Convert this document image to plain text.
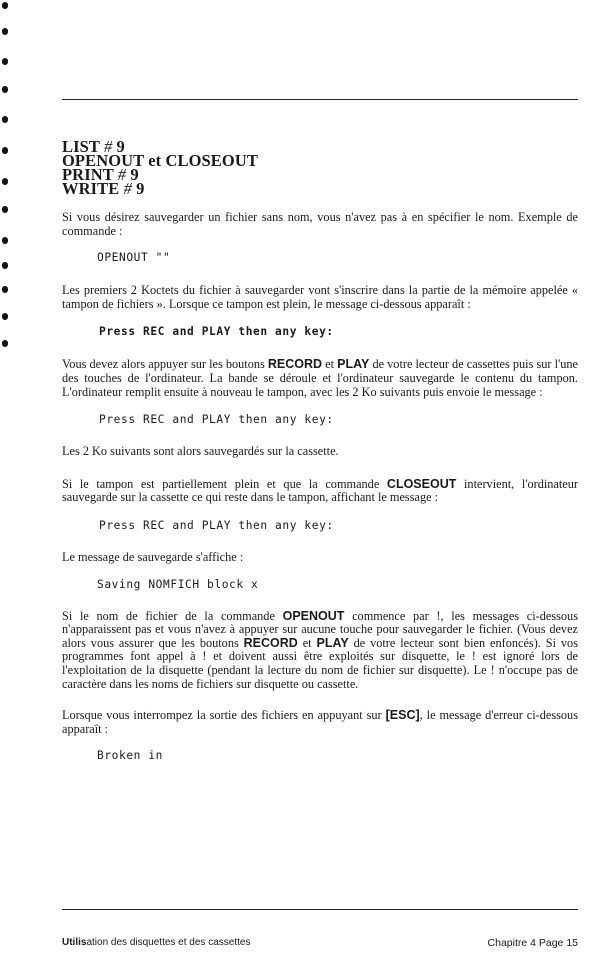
LIST # 9
OPENOUT et CLOSEOUT
PRINT # 9
WRITE # 9

Si vous désirez sauvegarder un fichier sans nom, vous n'avez pas à en spécifier le nom. Exemple de commande :

OPENOUT ""

Les premiers 2 Koctets du fichier à sauvegarder vont s'inscrire dans la partie de la mémoire appelée « tampon de fichiers ». Lorsque ce tampon est plein, le message ci-dessous apparaît :

Press REC and PLAY then any key:

Vous devez alors appuyer sur les boutons RECORD et PLAY de votre lecteur de cassettes puis sur l'une des touches de l'ordinateur. La bande se déroule et l'ordinateur sauvegarde le contenu du tampon. L'ordinateur remplit ensuite à nouveau le tampon, avec les 2 Ko suivants puis envoie le message :

Press REC and PLAY then any key:

Les 2 Ko suivants sont alors sauvegardés sur la cassette.

Si le tampon est partiellement plein et que la commande CLOSEOUT intervient, l'ordinateur sauvegarde sur la cassette ce qui reste dans le tampon, affichant le message :

Press REC and PLAY then any key:

Le message de sauvegarde s'affiche :

Saving NOMFICH block x

Si le nom de fichier de la commande OPENOUT commence par !, les messages ci-dessous n'apparaissent pas et vous n'avez à appuyer sur aucune touche pour sauvegarder le fichier. (Vous devez alors vous assurer que les boutons RECORD et PLAY de votre lecteur sont bien enfoncés). Si vos programmes font appel à ! et doivent aussi être exploités sur disquette, le ! est ignoré lors de l'exploitation de la disquette (pendant la lecture du nom de fichier sur disquette). Le ! n'occupe pas de caractère dans les noms de fichiers sur disquette ou cassette.

Lorsque vous interrompez la sortie des fichiers en appuyant sur [ESC], le message d'erreur ci-dessous apparaît :

Broken in
Utilisation des disquettes et des cassettes	Chapitre 4 Page 15
